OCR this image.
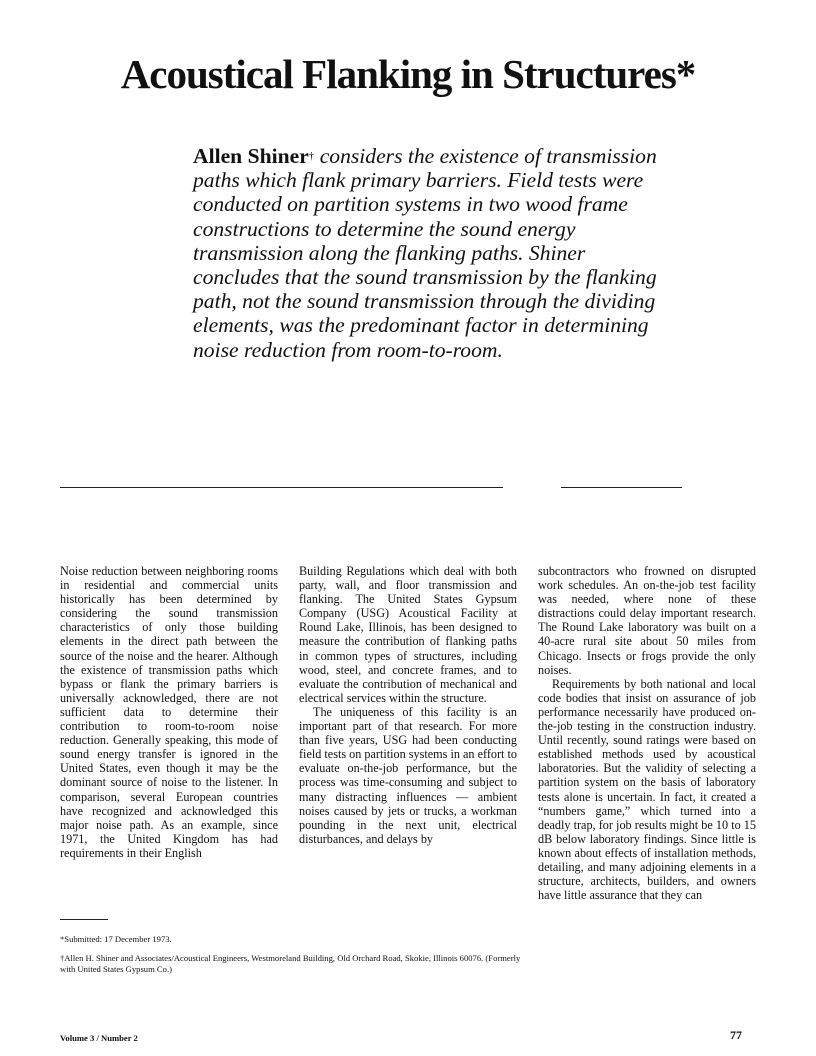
Acoustical Flanking in Structures*
Allen Shiner† considers the existence of transmission paths which flank primary barriers. Field tests were conducted on partition systems in two wood frame constructions to determine the sound energy transmission along the flanking paths. Shiner concludes that the sound transmission by the flanking path, not the sound transmission through the dividing elements, was the predominant factor in determining noise reduction from room-to-room.

Noise reduction between neighboring rooms in residential and commercial units historically has been determined by considering the sound transmission characteristics of only those building elements in the direct path between the source of the noise and the hearer. Although the existence of transmission paths which bypass or flank the primary barriers is universally acknowledged, there are not sufficient data to determine their contribution to room-to-room noise reduction. Generally speaking, this mode of sound energy transfer is ignored in the United States, even though it may be the dominant source of noise to the listener. In comparison, several European countries have recognized and acknowledged this major noise path. As an example, since 1971, the United Kingdom has had requirements in their English

Building Regulations which deal with both party, wall, and floor transmission and flanking. The United States Gypsum Company (USG) Acoustical Facility at Round Lake, Illinois, has been designed to measure the contribution of flanking paths in common types of structures, including wood, steel, and concrete frames, and to evaluate the contribution of mechanical and electrical services within the structure.

The uniqueness of this facility is an important part of that research. For more than five years, USG had been conducting field tests on partition systems in an effort to evaluate on-the-job performance, but the process was time-consuming and subject to many distracting influences — ambient noises caused by jets or trucks, a workman pounding in the next unit, electrical disturbances, and delays by

subcontractors who frowned on disrupted work schedules. An on-the-job test facility was needed, where none of these distractions could delay important research. The Round Lake laboratory was built on a 40-acre rural site about 50 miles from Chicago. Insects or frogs provide the only noises.

Requirements by both national and local code bodies that insist on assurance of job performance necessarily have produced on-the-job testing in the construction industry. Until recently, sound ratings were based on established methods used by acoustical laboratories. But the validity of selecting a partition system on the basis of laboratory tests alone is uncertain. In fact, it created a “numbers game,” which turned into a deadly trap, for job results might be 10 to 15 dB below laboratory findings. Since little is known about effects of installation methods, detailing, and many adjoining elements in a structure, architects, builders, and owners have little assurance that they can

*Submitted: 17 December 1973.

†Allen H. Shiner and Associates/Acoustical Engineers, Westmoreland Building, Old Orchard Road, Skokie, Illinois 60076. (Formerly with United States Gypsum Co.)

Volume 3 / Number 2	77
